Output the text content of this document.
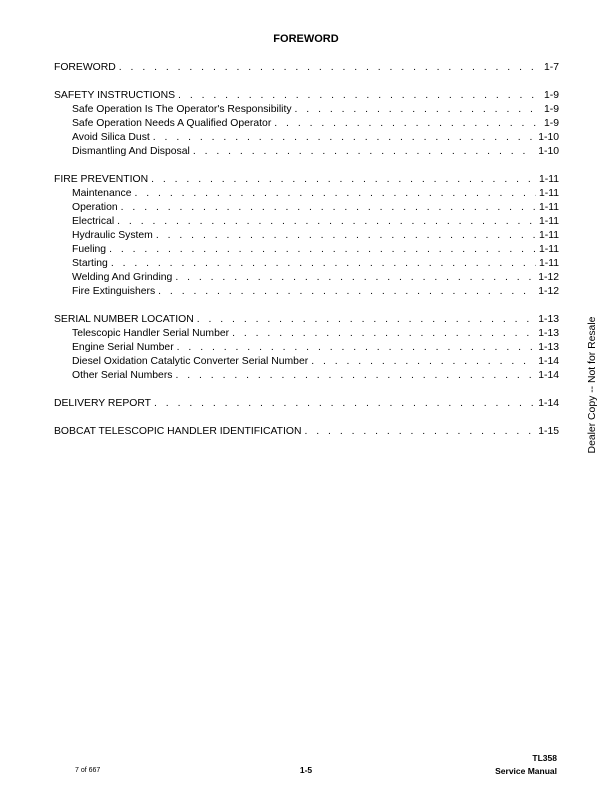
FOREWORD
FOREWORD . . .	1-7
SAFETY INSTRUCTIONS . . .	1-9
Safe Operation Is The Operator's Responsibility . . .	1-9
Safe Operation Needs A Qualified Operator . . .	1-9
Avoid Silica Dust . . .	1-10
Dismantling And Disposal . . .	1-10
FIRE PREVENTION . . .	1-11
Maintenance . . .	1-11
Operation . . .	1-11
Electrical . . .	1-11
Hydraulic System . . .	1-11
Fueling . . .	1-11
Starting . . .	1-11
Welding And Grinding . . .	1-12
Fire Extinguishers . . .	1-12
SERIAL NUMBER LOCATION . . .	1-13
Telescopic Handler Serial Number . . .	1-13
Engine Serial Number . . .	1-13
Diesel Oxidation Catalytic Converter Serial Number . . .	1-14
Other Serial Numbers . . .	1-14
DELIVERY REPORT . . .	1-14
BOBCAT TELESCOPIC HANDLER IDENTIFICATION . . .	1-15	Dealer Copy -- Not for Resale
7 of 667	1-5
TL358
Service Manual
